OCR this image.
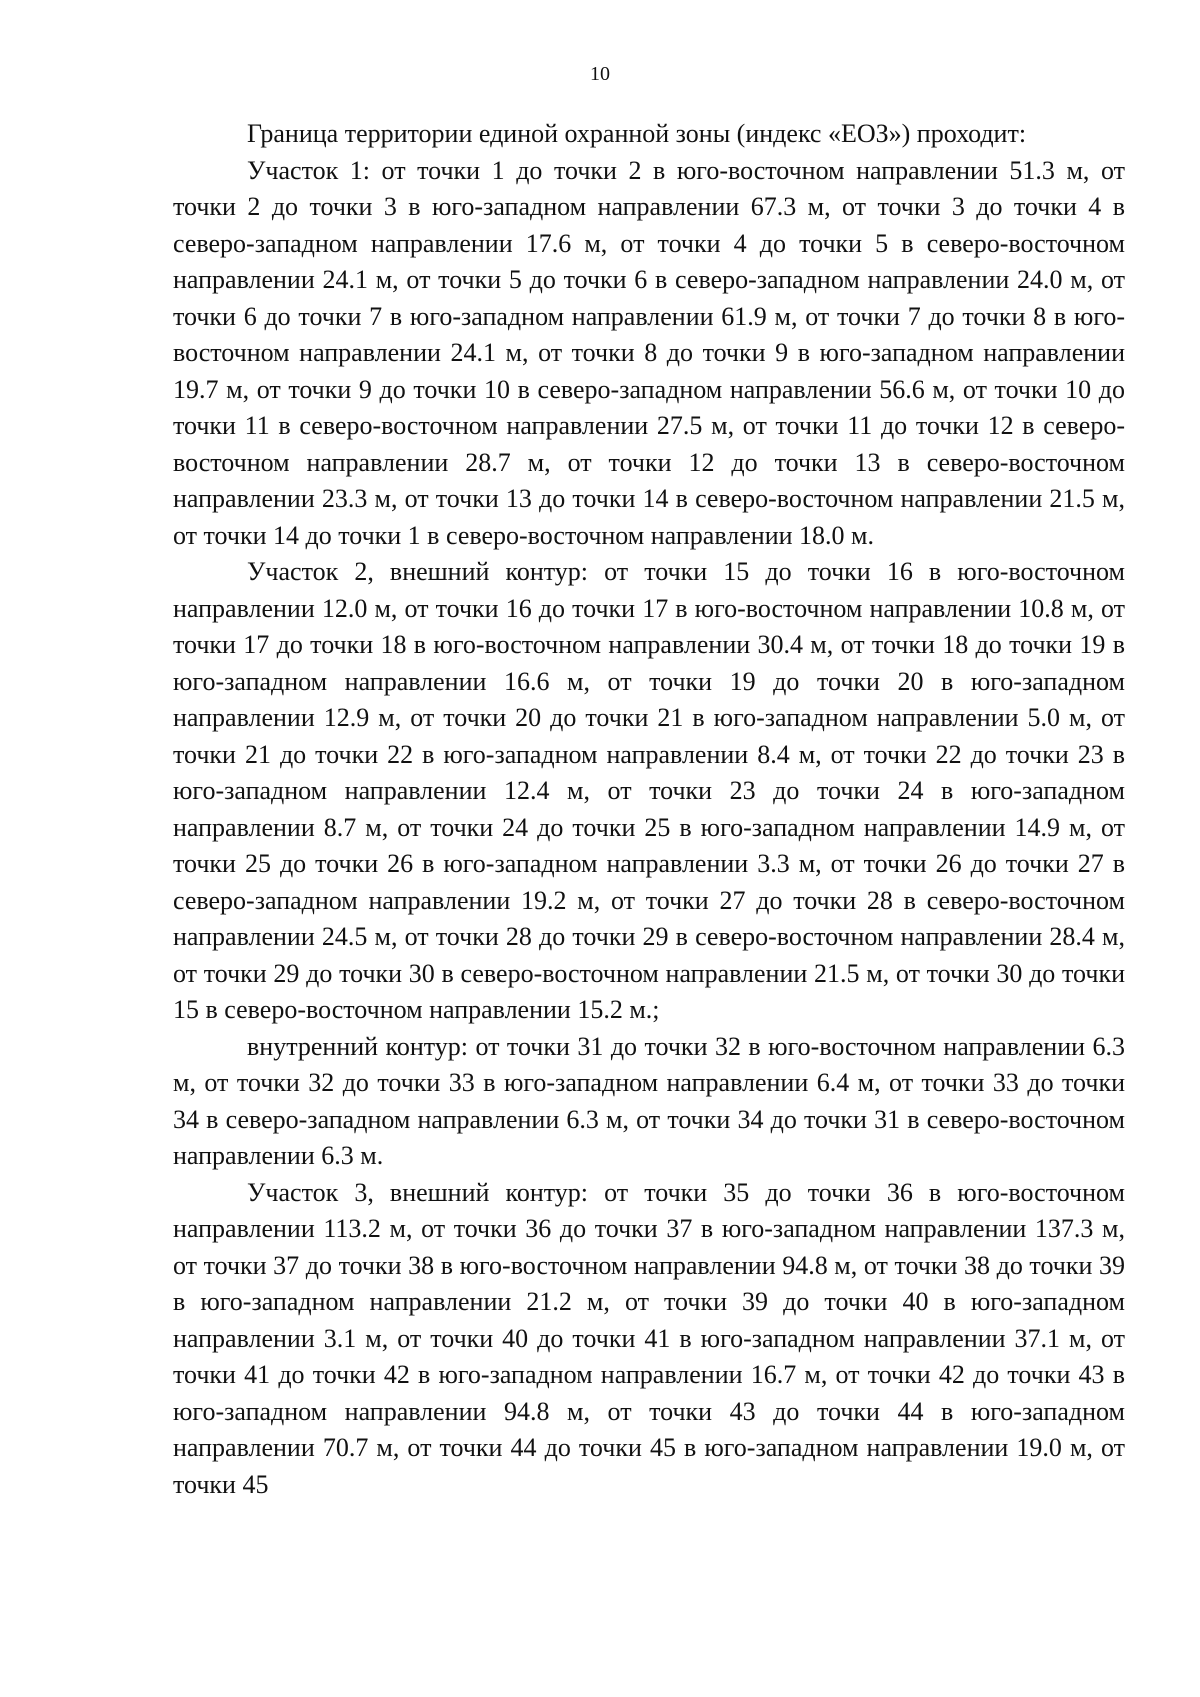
10

Граница территории единой охранной зоны (индекс «ЕОЗ») проходит:

Участок 1: от точки 1 до точки 2 в юго-восточном направлении 51.3 м, от точки 2 до точки 3 в юго-западном направлении 67.3 м, от точки 3 до точки 4 в северо-западном направлении 17.6 м, от точки 4 до точки 5 в северо-восточном направлении 24.1 м, от точки 5 до точки 6 в северо-западном направлении 24.0 м, от точки 6 до точки 7 в юго-западном направлении 61.9 м, от точки 7 до точки 8 в юго-восточном направлении 24.1 м, от точки 8 до точки 9 в юго-западном направлении 19.7 м, от точки 9 до точки 10 в северо-западном направлении 56.6 м, от точки 10 до точки 11 в северо-восточном направлении 27.5 м, от точки 11 до точки 12 в северо-восточном направлении 28.7 м, от точки 12 до точки 13 в северо-восточном направлении 23.3 м, от точки 13 до точки 14 в северо-восточном направлении 21.5 м, от точки 14 до точки 1 в северо-восточном направлении 18.0 м.

Участок 2, внешний контур: от точки 15 до точки 16 в юго-восточном направлении 12.0 м, от точки 16 до точки 17 в юго-восточном направлении 10.8 м, от точки 17 до точки 18 в юго-восточном направлении 30.4 м, от точки 18 до точки 19 в юго-западном направлении 16.6 м, от точки 19 до точки 20 в юго-западном направлении 12.9 м, от точки 20 до точки 21 в юго-западном направлении 5.0 м, от точки 21 до точки 22 в юго-западном направлении 8.4 м, от точки 22 до точки 23 в юго-западном направлении 12.4 м, от точки 23 до точки 24 в юго-западном направлении 8.7 м, от точки 24 до точки 25 в юго-западном направлении 14.9 м, от точки 25 до точки 26 в юго-западном направлении 3.3 м, от точки 26 до точки 27 в северо-западном направлении 19.2 м, от точки 27 до точки 28 в северо-восточном направлении 24.5 м, от точки 28 до точки 29 в северо-восточном направлении 28.4 м, от точки 29 до точки 30 в северо-восточном направлении 21.5 м, от точки 30 до точки 15 в северо-восточном направлении 15.2 м.;

внутренний контур: от точки 31 до точки 32 в юго-восточном направлении 6.3 м, от точки 32 до точки 33 в юго-западном направлении 6.4 м, от точки 33 до точки 34 в северо-западном направлении 6.3 м, от точки 34 до точки 31 в северо-восточном направлении 6.3 м.

Участок 3, внешний контур: от точки 35 до точки 36 в юго-восточном направлении 113.2 м, от точки 36 до точки 37 в юго-западном направлении 137.3 м, от точки 37 до точки 38 в юго-восточном направлении 94.8 м, от точки 38 до точки 39 в юго-западном направлении 21.2 м, от точки 39 до точки 40 в юго-западном направлении 3.1 м, от точки 40 до точки 41 в юго-западном направлении 37.1 м, от точки 41 до точки 42 в юго-западном направлении 16.7 м, от точки 42 до точки 43 в юго-западном направлении 94.8 м, от точки 43 до точки 44 в юго-западном направлении 70.7 м, от точки 44 до точки 45 в юго-западном направлении 19.0 м, от точки 45
